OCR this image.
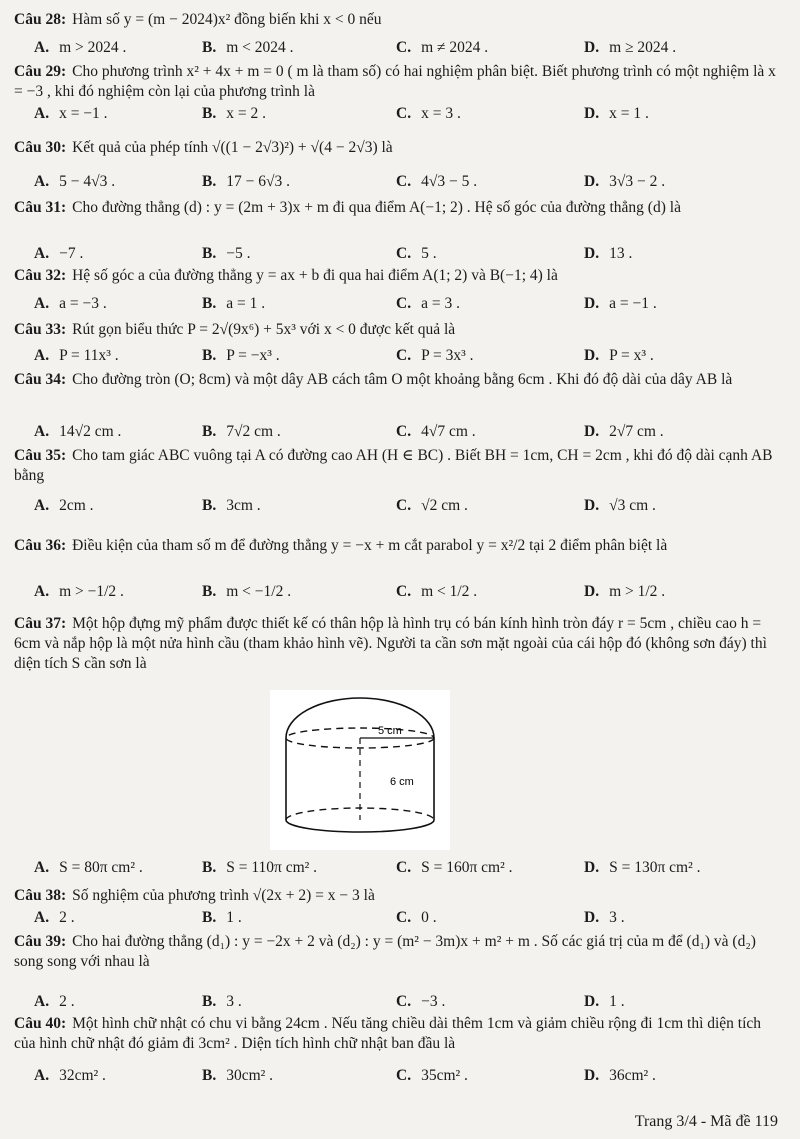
Câu 28: Hàm số y = (m − 2024)x² đồng biến khi x < 0 nếu
A. m > 2024 .	B. m < 2024 .	C. m ≠ 2024 .	D. m ≥ 2024 .
Câu 29: Cho phương trình x² + 4x + m = 0 ( m là tham số) có hai nghiệm phân biệt. Biết phương trình có một nghiệm là x = −3 , khi đó nghiệm còn lại của phương trình là
A. x = −1 .	B. x = 2 .	C. x = 3 .	D. x = 1 .
Câu 30: Kết quả của phép tính √((1 − 2√3)²) + √(4 − 2√3) là
A. 5 − 4√3 .	B. 17 − 6√3 .	C. 4√3 − 5 .	D. 3√3 − 2 .
Câu 31: Cho đường thẳng (d) : y = (2m + 3)x + m đi qua điểm A(−1; 2) . Hệ số góc của đường thẳng (d) là
A. −7 .	B. −5 .	C. 5 .	D. 13 .
Câu 32: Hệ số góc a của đường thẳng y = ax + b đi qua hai điểm A(1; 2) và B(−1; 4) là
A. a = −3 .	B. a = 1 .	C. a = 3 .	D. a = −1 .
Câu 33: Rút gọn biểu thức P = 2√(9x⁶) + 5x³ với x < 0 được kết quả là
A. P = 11x³ .	B. P = −x³ .	C. P = 3x³ .	D. P = x³ .
Câu 34: Cho đường tròn (O; 8cm) và một dây AB cách tâm O một khoảng bằng 6cm . Khi đó độ dài của dây AB là
A. 14√2 cm .	B. 7√2 cm .	C. 4√7 cm .	D. 2√7 cm .
Câu 35: Cho tam giác ABC vuông tại A có đường cao AH (H ∈ BC) . Biết BH = 1cm, CH = 2cm , khi đó độ dài cạnh AB bằng
A. 2cm .	B. 3cm .	C. √2 cm .	D. √3 cm .
Câu 36: Điều kiện của tham số m để đường thẳng y = −x + m cắt parabol y = x²/2 tại 2 điểm phân biệt là
A. m > −1/2 .	B. m < −1/2 .	C. m < 1/2 .	D. m > 1/2 .
Câu 37: Một hộp đựng mỹ phẩm được thiết kế có thân hộp là hình trụ có bán kính hình tròn đáy r = 5cm , chiều cao h = 6cm và nắp hộp là một nửa hình cầu (tham khảo hình vẽ). Người ta cần sơn mặt ngoài của cái hộp đó (không sơn đáy) thì diện tích S cần sơn là
A. S = 80π cm² .	B. S = 110π cm² .	C. S = 160π cm² .	D. S = 130π cm² .
5 cm
6 cm
Câu 38: Số nghiệm của phương trình √(2x + 2) = x − 3 là
A. 2 .	B. 1 .	C. 0 .	D. 3 .
Câu 39: Cho hai đường thẳng (d₁) : y = −2x + 2 và (d₂) : y = (m² − 3m)x + m² + m . Số các giá trị của m để (d₁) và (d₂) song song với nhau là
A. 2 .	B. 3 .	C. −3 .	D. 1 .
Câu 40: Một hình chữ nhật có chu vi bằng 24cm . Nếu tăng chiều dài thêm 1cm và giảm chiều rộng đi 1cm thì diện tích của hình chữ nhật đó giảm đi 3cm² . Diện tích hình chữ nhật ban đầu là
A. 32cm² .	B. 30cm² .	C. 35cm² .	D. 36cm² .
Trang 3/4 - Mã đề 119
